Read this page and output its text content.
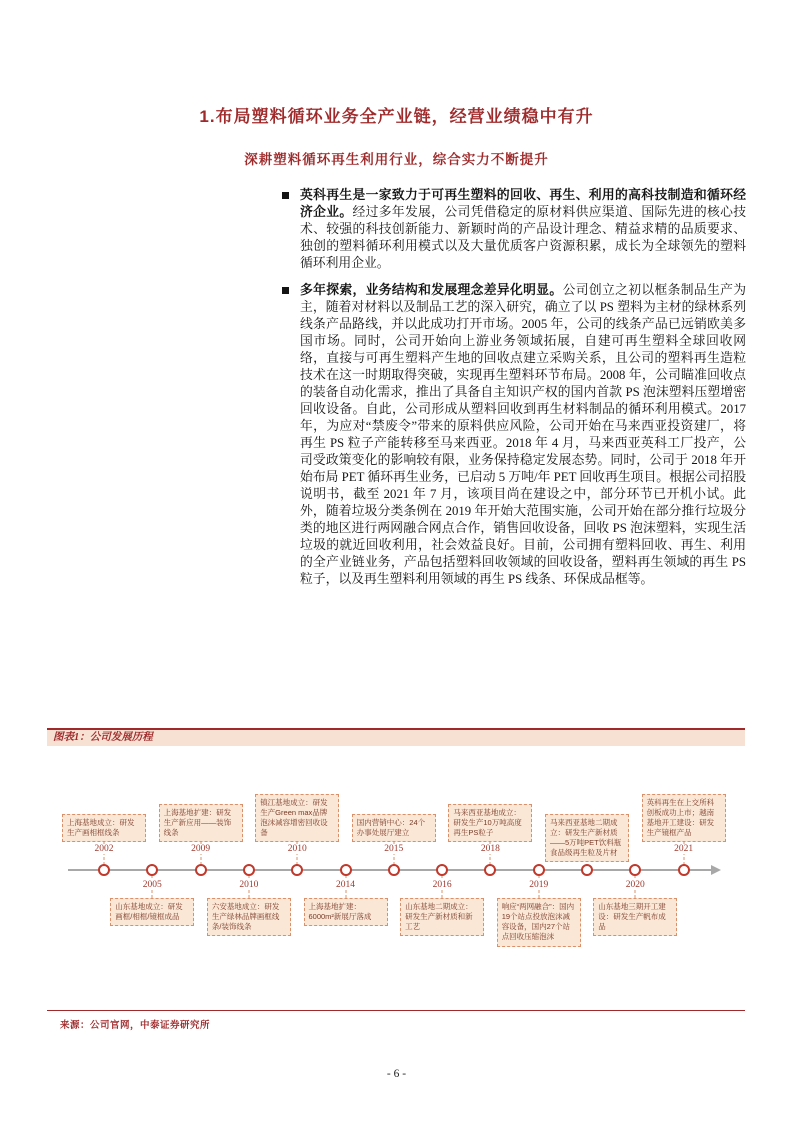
1.布局塑料循环业务全产业链，经营业绩稳中有升
深耕塑料循环再生利用行业，综合实力不断提升
英科再生是一家致力于可再生塑料的回收、再生、利用的高科技制造和循环经济企业。经过多年发展，公司凭借稳定的原材料供应渠道、国际先进的核心技术、较强的科技创新能力、新颖时尚的产品设计理念、精益求精的品质要求、独创的塑料循环利用模式以及大量优质客户资源积累，成长为全球领先的塑料循环利用企业。
多年探索，业务结构和发展理念差异化明显。公司创立之初以框条制品生产为主，随着对材料以及制品工艺的深入研究，确立了以 PS 塑料为主材的绿林系列线条产品路线，并以此成功打开市场。2005 年，公司的线条产品已远销欧美多国市场。同时，公司开始向上游业务领域拓展，自建可再生塑料全球回收网络，直接与可再生塑料产生地的回收点建立采购关系，且公司的塑料再生造粒技术在这一时期取得突破，实现再生塑料环节布局。2008 年，公司瞄准回收点的装备自动化需求，推出了具备自主知识产权的国内首款 PS 泡沫塑料压塑增密回收设备。自此，公司形成从塑料回收到再生材料制品的循环利用模式。2017 年，为应对“禁废令”带来的原料供应风险，公司开始在马来西亚投资建厂，将再生 PS 粒子产能转移至马来西亚。2018 年 4 月，马来西亚英科工厂投产，公司受政策变化的影响较有限，业务保持稳定发展态势。同时，公司于 2018 年开始布局 PET 循环再生业务，已启动 5 万吨/年 PET 回收再生项目。根据公司招股说明书，截至 2021 年 7 月，该项目尚在建设之中，部分环节已开机小试。此外，随着垃圾分类条例在 2019 年开始大范围实施，公司开始在部分推行垃圾分类的地区进行两网融合网点合作，销售回收设备，回收 PS 泡沫塑料，实现生活垃圾的就近回收利用，社会效益良好。目前，公司拥有塑料回收、再生、利用的全产业链业务，产品包括塑料回收领域的回收设备，塑料再生领域的再生 PS 粒子，以及再生塑料利用领域的再生 PS 线条、环保成品框等。
图表1：公司发展历程
2002
上海基地成立：研发生产画相框线条
2005
山东基地成立：研发画框/相框/镜框成品
2009
上海基地扩建：研发生产新应用——装饰线条
2010
六安基地成立：研发生产绿林品牌画框线条/装饰线条
2010
镇江基地成立：研发生产Green max品牌泡沫减容增密回收设备
2014
上海基地扩建：6000m²新展厅落成
2015
国内营销中心：24个办事处展厅建立
2016
山东基地二期成立：研发生产新材质和新工艺
2018
马来西亚基地成立：研发生产10万吨高度再生PS粒子
2019
响应“两网融合”：国内19个站点投放泡沫减容设备，国内27个站点回收压缩泡沫
马来西亚基地二期成立：研发生产新材质——5万吨PET饮料瓶食品级再生粒及片材
2020
山东基地三期开工建设：研发生产帆布成品
2021
英科再生在上交所科创板成功上市；越南基地开工建设：研发生产镜框产品
来源：公司官网，中泰证券研究所
- 6 -
